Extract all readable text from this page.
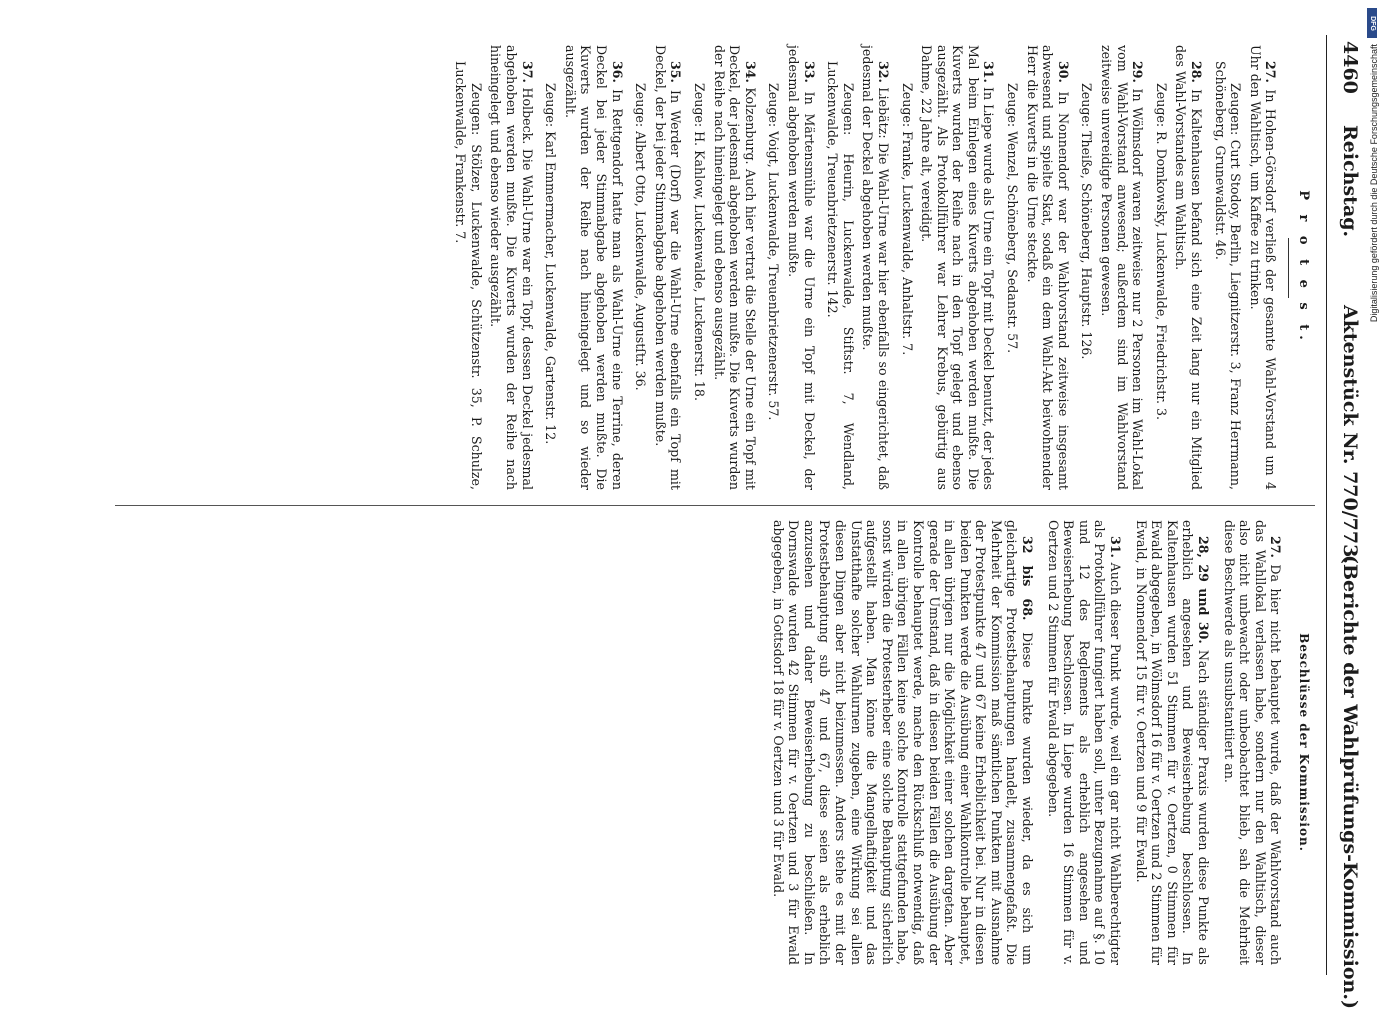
4460
Reichstag.
Aktenstück Nr. 770/773.
(Berichte der Wahlprüfungs-Kommission.)
P r o t e s t.

27. In Hohen-Görsdorf verließ der gesamte Wahl-Vorstand um 4 Uhr den Wahltisch, um Kaffee zu trinken.

Zeugen: Curt Stodoy, Berlin, Liegnitzerstr. 3, Franz Herrmann, Schöneberg, Grunewaldstr. 46.

28. In Kaltenhausen befand sich eine Zeit lang nur ein Mitglied des Wahl-Vorstandes am Wahltisch.

Zeuge: R. Domkowsky, Luckenwalde, Friedrichstr. 3.

29. In Wölmsdorf waren zeitweise nur 2 Personen im Wahl-Lokal vom Wahl-Vorstand anwesend; außerdem sind im Wahlvorstand zeitweise unvereidigte Personen gewesen.

Zeuge: Theiße, Schöneberg, Hauptstr. 126.

30. In Nonnendorf war der Wahlvorstand zeitweise insgesamt abwesend und spielte Skat, sodaß ein dem Wahl-Akt beiwohnender Herr die Kuverts in die Urne steckte.

Zeuge: Wenzel, Schöneberg, Sedanstr. 57.

31. In Liepe wurde als Urne ein Topf mit Deckel benutzt, der jedes Mal beim Einlegen eines Kuverts abgehoben werden mußte. Die Kuverts wurden der Reihe nach in den Topf gelegt und ebenso ausgezählt. Als Protokollführer war Lehrer Krebus, gebürtig aus Dahme, 22 Jahre alt, vereidigt.

Zeuge: Franke, Luckenwalde, Anhaltstr. 7.

32. Liebätz: Die Wahl-Urne war hier ebenfalls so eingerichtet, daß jedesmal der Deckel abgehoben werden mußte.

Zeugen: Heurin, Luckenwalde, Stiftstr. 7, Wendland, Luckenwalde, Treuenbrietzenerstr. 142.

33. In Märtensmühle war die Urne ein Topf mit Deckel, der jedesmal abgehoben werden mußte.

Zeuge: Voigt, Luckenwalde, Treuenbrietzenerstr. 57.

34. Kolzenburg. Auch hier vertrat die Stelle der Urne ein Topf mit Deckel, der jedesmal abgehoben werden mußte. Die Kuverts wurden der Reihe nach hineingelegt und ebenso ausgezählt.

Zeuge: H. Kahlow, Luckenwalde, Luckenerstr. 18.

35. In Werder (Dorf) war die Wahl-Urne ebenfalls ein Topf mit Deckel, der bei jeder Stimmabgabe abgehoben werden mußte.

Zeuge: Albert Otto, Luckenwalde, Augustſtr. 36.

36. In Rettgendorf hatte man als Wahl-Urne eine Terrine, deren Deckel bei jeder Stimmabgabe abgehoben werden mußte. Die Kuverts wurden der Reihe nach hineingelegt und so wieder ausgezählt.

Zeuge: Karl Emmermacher, Luckenwalde, Gartenstr. 12.

37. Holbeck. Die Wahl-Urne war ein Topf, dessen Deckel jedesmal abgehoben werden mußte. Die Kuverts wurden der Reihe nach hineingelegt und ebenso wieder ausgezählt.

Zeugen: Stölzer, Luckenwalde, Schützenstr. 35, P. Schulze, Luckenwalde, Frankenstr. 7.

Beschlüsse der Kommission.

27. Da hier nicht behauptet wurde, daß der Wahlvorstand auch das Wahllokal verlassen habe, sondern nur den Wahltisch, dieser also nicht unbewacht oder unbeobachtet blieb, sah die Mehrheit diese Beschwerde als unsubstantiiert an.

28, 29 und 30. Nach ständiger Praxis wurden diese Punkte als erheblich angesehen und Beweiserhebung beschlossen. In Kaltenhausen wurden 51 Stimmen für v. Oertzen, 0 Stimmen für Ewald abgegeben, in Wölmsdorf 16 für v. Oertzen und 2 Stimmen für Ewald, in Nonnendorf 15 für v. Oertzen und 9 für Ewald.

31. Auch dieser Punkt wurde, weil ein gar nicht Wahlberechtigter als Protokollführer fungiert haben soll, unter Bezugnahme auf §. 10 und 12 des Reglements als erheblich angesehen und Beweiserhebung beschlossen. In Liepe wurden 16 Stimmen für v. Oertzen und 2 Stimmen für Ewald abgegeben.

32 bis 68. Diese Punkte wurden wieder, da es sich um gleichartige Protestbehauptungen handelt, zusammengefaßt. Die Mehrheit der Kommission maß sämtlichen Punkten mit Ausnahme der Protestpunkte 47 und 67 keine Erheblichkeit bei. Nur in diesen beiden Punkten werde die Ausübung einer Wahlkontrolle behauptet, in allen übrigen nur die Möglichkeit einer solchen dargetan. Aber gerade der Umstand, daß in diesen beiden Fällen die Ausübung der Kontrolle behauptet werde, mache den Rückschluß notwendig, daß in allen übrigen Fällen keine solche Kontrolle stattgefunden habe, sonst würden die Protesterheber eine solche Behauptung sicherlich aufgestellt haben. Man könne die Mangelhaftigkeit und das Unstatthafte solcher Wahlurnen zugeben, eine Wirkung sei allen diesen Dingen aber nicht beizumessen. Anders stehe es mit der Protestbehauptung sub 47 und 67, diese seien als erheblich anzusehen und daher Beweiserhebung zu beschließen. In Dornswalde wurden 42 Stimmen für v. Oertzen und 3 für Ewald abgegeben, in Gottsdorf 18 für v. Oertzen und 3 für Ewald.

DFG
Digitalisierung gefördert durch die Deutsche Forschungsgemeinschaft
